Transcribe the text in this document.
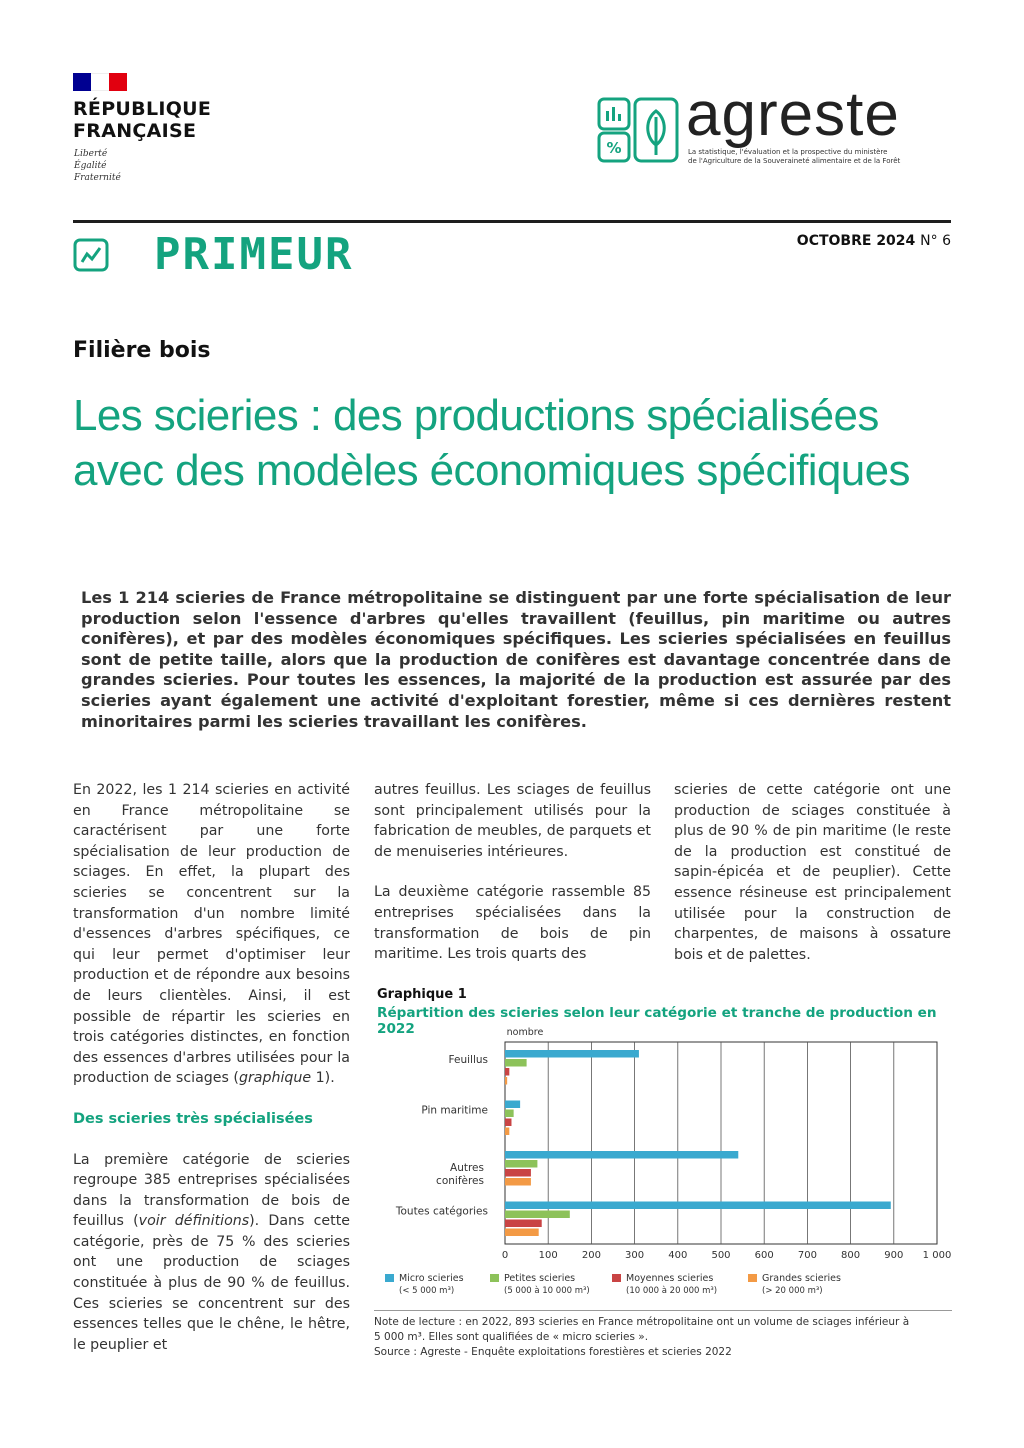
RÉPUBLIQUE
FRANÇAISE
Liberté
Égalité
Fraternité
% agreste
La statistique, l'évaluation et la prospective du ministère
de l'Agriculture de la Souveraineté alimentaire et de la Forêt
PRIMEUR	OCTOBRE 2024 N° 6
Filière bois
Les scieries : des productions spécialisées avec des modèles économiques spécifiques
Les 1 214 scieries de France métropolitaine se distinguent par une forte spécialisation de leur production selon l'essence d'arbres qu'elles travaillent (feuillus, pin maritime ou autres conifères), et par des modèles économiques spécifiques. Les scieries spécialisées en feuillus sont de petite taille, alors que la production de conifères est davantage concentrée dans de grandes scieries. Pour toutes les essences, la majorité de la production est assurée par des scieries ayant également une activité d'exploitant forestier, même si ces dernières restent minoritaires parmi les scieries travaillant les conifères.

En 2022, les 1 214 scieries en activité en France métropolitaine se caractérisent par une forte spécialisation de leur production de sciages. En effet, la plupart des scieries se concentrent sur la transformation d'un nombre limité d'essences d'arbres spécifiques, ce qui leur permet d'optimiser leur production et de répondre aux besoins de leurs clientèles. Ainsi, il est possible de répartir les scieries en trois catégories distinctes, en fonction des essences d'arbres utilisées pour la production de sciages (graphique 1).

Des scieries très spécialisées

La première catégorie de scieries regroupe 385 entreprises spécialisées dans la transformation de bois de feuillus (voir définitions). Dans cette catégorie, près de 75 % des scieries ont une production de sciages constituée à plus de 90 % de feuillus. Ces scieries se concentrent sur des essences telles que le chêne, le hêtre, le peuplier et

autres feuillus. Les sciages de feuillus sont principalement utilisés pour la fabrication de meubles, de parquets et de menuiseries intérieures.

La deuxième catégorie rassemble 85 entreprises spécialisées dans la transformation de bois de pin maritime. Les trois quarts des

scieries de cette catégorie ont une production de sciages constituée à plus de 90 % de pin maritime (le reste de la production est constitué de sapin-épicéa et de peuplier). Cette essence résineuse est principalement utilisée pour la construction de charpentes, de maisons à ossature bois et de palettes.

Graphique 1
Répartition des scieries selon leur catégorie et tranche de production en 2022	nombre
0	100 200 300 400 500 600 700 800 900 1 000
Feuillus
Pin maritime
Autres
conifères
Toutes catégories
Micro scieries
(< 5 000 m³)
Petites scieries
(5 000 à 10 000 m³)
Moyennes scieries
(10 000 à 20 000 m³)
Grandes scieries
(> 20 000 m³)
Note de lecture : en 2022, 893 scieries en France métropolitaine ont un volume de sciages inférieur à
5 000 m³. Elles sont qualifiées de « micro scieries ».
Source : Agreste - Enquête exploitations forestières et scieries 2022
